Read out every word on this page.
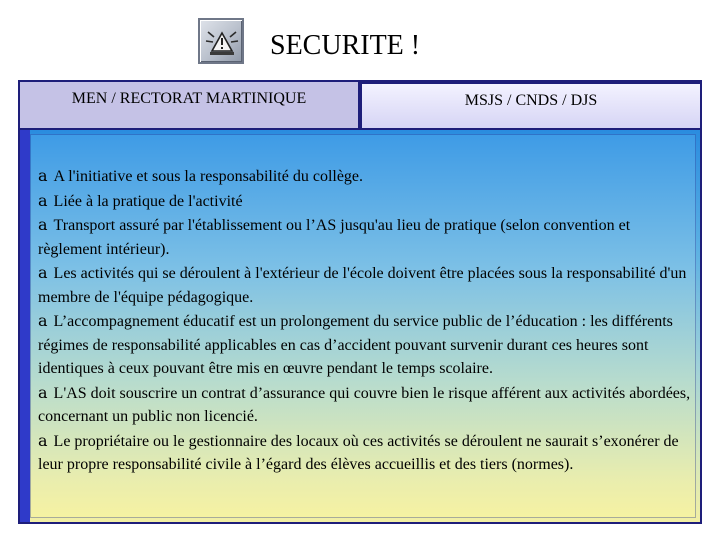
SECURITE !
MEN / RECTORAT MARTINIQUE	MSJS / CNDS / DJS
a A l'initiative et sous la responsabilité du collège.
a Liée à la pratique de l'activité
a Transport assuré par l'établissement ou l’AS jusqu'au lieu de pratique (selon convention et règlement intérieur).
a Les activités qui se déroulent à l'extérieur de l'école doivent être placées sous la responsabilité d'un membre de l'équipe pédagogique.
a L’accompagnement éducatif est un prolongement du service public de l’éducation : les différents régimes de responsabilité applicables en cas d’accident pouvant survenir durant ces heures sont identiques à ceux pouvant être mis en œuvre pendant le temps scolaire.
a L'AS doit souscrire un contrat d’assurance qui couvre bien le risque afférent aux activités abordées, concernant un public non licencié.
a Le propriétaire ou le gestionnaire des locaux où ces activités se déroulent ne saurait s’exonérer de leur propre responsabilité civile à l’égard des élèves accueillis et des tiers (normes).
